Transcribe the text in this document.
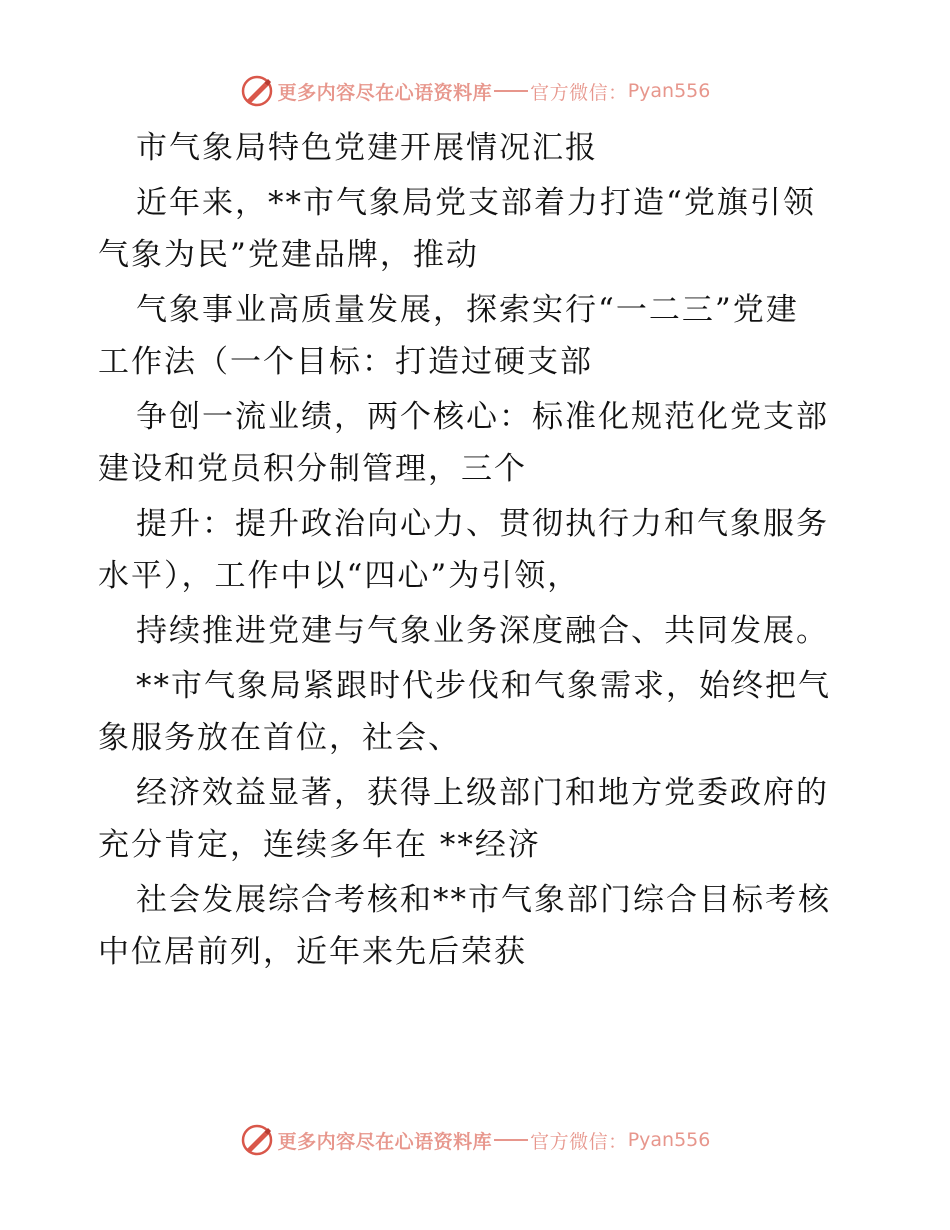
更多内容尽在心语资料库 官方微信： Pyan556
市气象局特色党建开展情况汇报
近年来，**市气象局党支部着力打造“党旗引领
气象为民”党建品牌，推动
气象事业高质量发展，探索实行“一二三”党建
工作法（一个目标：打造过硬支部
争创一流业绩，两个核心：标准化规范化党支部
建设和党员积分制管理，三个
提升：提升政治向心力、贯彻执行力和气象服务
水平），工作中以“四心”为引领，
持续推进党建与气象业务深度融合、共同发展。
**市气象局紧跟时代步伐和气象需求，始终把气
象服务放在首位，社会、
经济效益显著，获得上级部门和地方党委政府的
充分肯定，连续多年在 **经济
社会发展综合考核和**市气象部门综合目标考核
中位居前列，近年来先后荣获
更多内容尽在心语资料库 官方微信： Pyan556
